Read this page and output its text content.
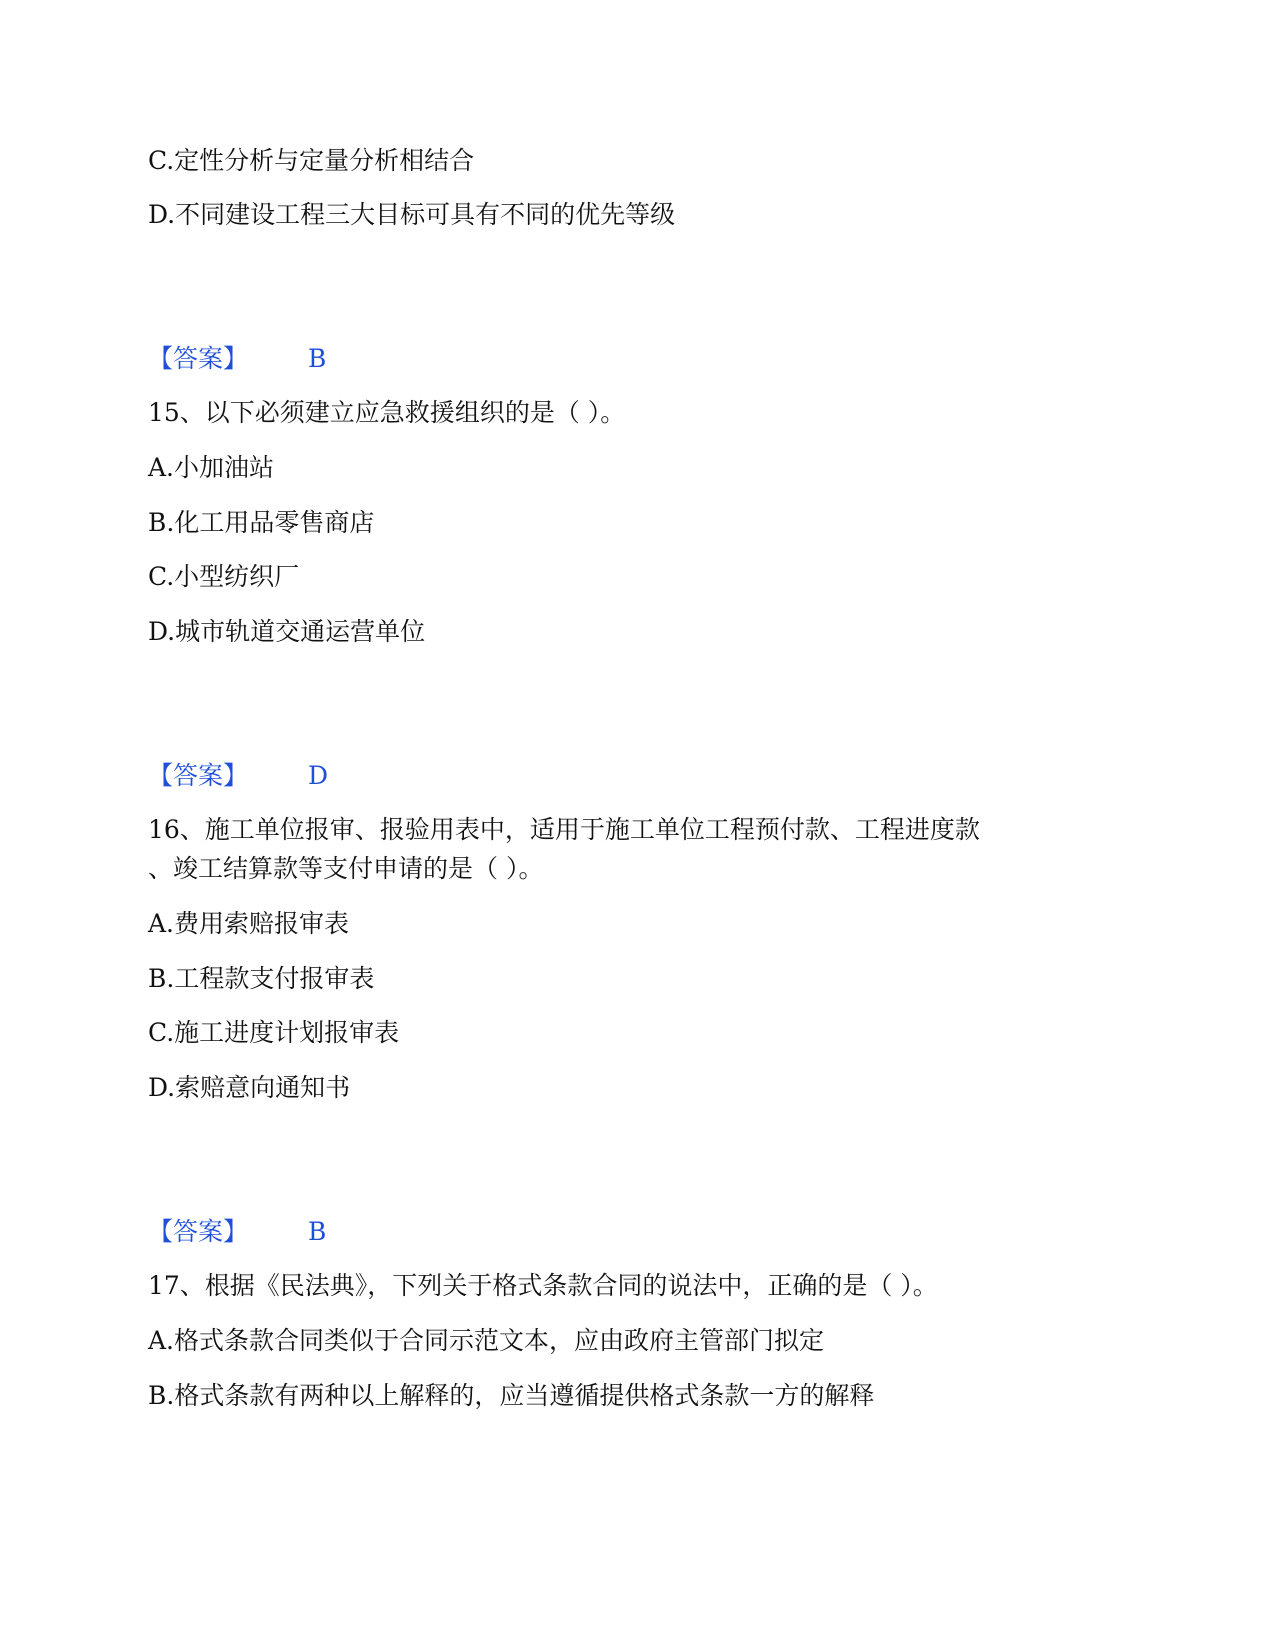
C.定性分析与定量分析相结合
D.不同建设工程三大目标可具有不同的优先等级
【答案】 B
15、以下必须建立应急救援组织的是（ ）。
A.小加油站
B.化工用品零售商店
C.小型纺织厂
D.城市轨道交通运营单位
【答案】 D
16、施工单位报审、报验用表中，适用于施工单位工程预付款、工程进度款
、竣工结算款等支付申请的是（ ）。
A.费用索赔报审表
B.工程款支付报审表
C.施工进度计划报审表
D.索赔意向通知书
【答案】 B
17、根据《民法典》，下列关于格式条款合同的说法中，正确的是（ ）。
A.格式条款合同类似于合同示范文本，应由政府主管部门拟定
B.格式条款有两种以上解释的，应当遵循提供格式条款一方的解释
